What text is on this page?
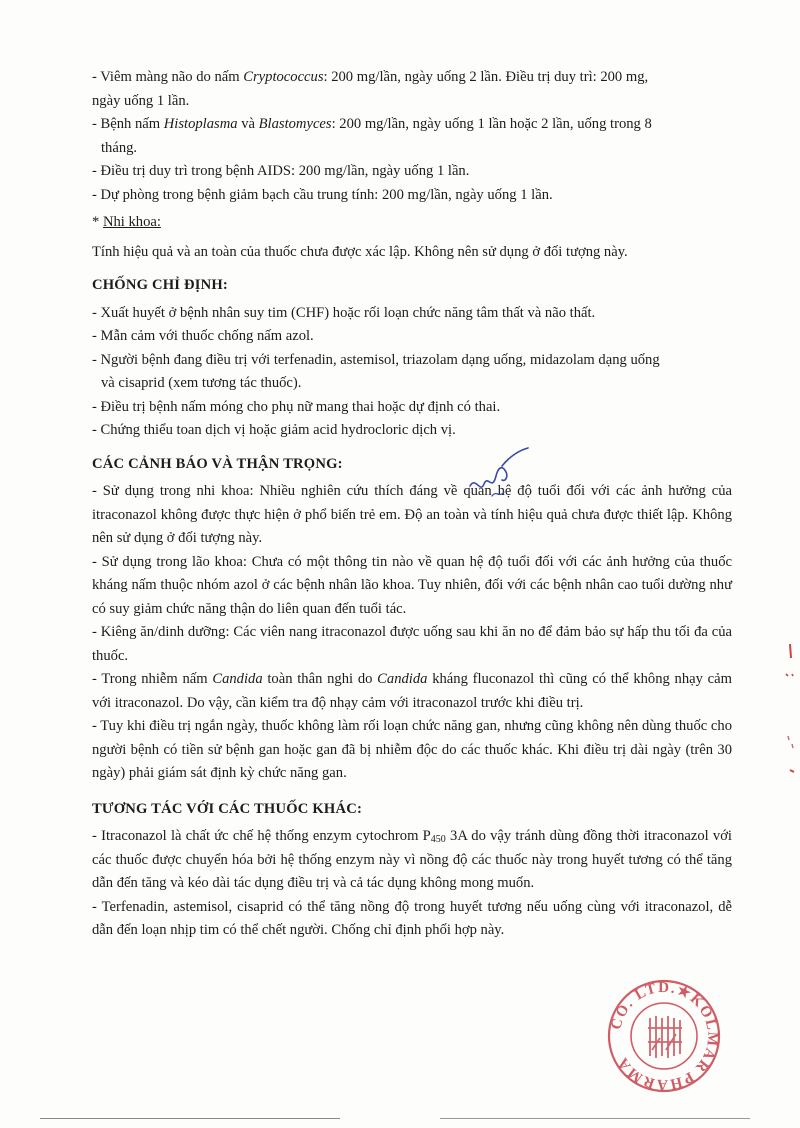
- Viêm màng não do nấm Cryptococcus: 200 mg/lần, ngày uống 2 lần. Điều trị duy trì: 200 mg,

ngày uống 1 lần.

- Bệnh nấm Histoplasma và Blastomyces: 200 mg/lần, ngày uống 1 lần hoặc 2 lần, uống trong 8

tháng.

- Điều trị duy trì trong bệnh AIDS: 200 mg/lần, ngày uống 1 lần.

- Dự phòng trong bệnh giảm bạch cầu trung tính: 200 mg/lần, ngày uống 1 lần.

* Nhi khoa:

Tính hiệu quả và an toàn của thuốc chưa được xác lập. Không nên sử dụng ở đối tượng này.

CHỐNG CHỈ ĐỊNH:

- Xuất huyết ở bệnh nhân suy tim (CHF) hoặc rối loạn chức năng tâm thất và não thất.

- Mẫn cảm với thuốc chống nấm azol.

- Người bệnh đang điều trị với terfenadin, astemisol, triazolam dạng uống, midazolam dạng uống

và cisaprid (xem tương tác thuốc).

- Điều trị bệnh nấm móng cho phụ nữ mang thai hoặc dự định có thai.

- Chứng thiểu toan dịch vị hoặc giảm acid hydrocloric dịch vị.

CÁC CẢNH BÁO VÀ THẬN TRỌNG:

- Sử dụng trong nhi khoa: Nhiều nghiên cứu thích đáng về quan hệ độ tuổi đối với các ảnh hưởng của itraconazol không được thực hiện ở phổ biến trẻ em. Độ an toàn và tính hiệu quả chưa được thiết lập. Không nên sử dụng ở đối tượng này.

- Sử dụng trong lão khoa: Chưa có một thông tin nào về quan hệ độ tuổi đối với các ảnh hưởng của thuốc kháng nấm thuộc nhóm azol ở các bệnh nhân lão khoa. Tuy nhiên, đối với các bệnh nhân cao tuổi dường như có suy giảm chức năng thận do liên quan đến tuổi tác.

- Kiêng ăn/dinh dưỡng: Các viên nang itraconazol được uống sau khi ăn no để đảm bảo sự hấp thu tối đa của thuốc.

- Trong nhiễm nấm Candida toàn thân nghi do Candida kháng fluconazol thì cũng có thể không nhạy cảm với itraconazol. Do vậy, cần kiểm tra độ nhạy cảm với itraconazol trước khi điều trị.

- Tuy khi điều trị ngắn ngày, thuốc không làm rối loạn chức năng gan, nhưng cũng không nên dùng thuốc cho người bệnh có tiền sử bệnh gan hoặc gan đã bị nhiễm độc do các thuốc khác. Khi điều trị dài ngày (trên 30 ngày) phải giám sát định kỳ chức năng gan.

TƯƠNG TÁC VỚI CÁC THUỐC KHÁC:

- Itraconazol là chất ức chế hệ thống enzym cytochrom $P_{450}$ 3A do vậy tránh dùng đồng thời itraconazol với các thuốc được chuyển hóa bởi hệ thống enzym này vì nồng độ các thuốc này trong huyết tương có thể tăng dẫn đến tăng và kéo dài tác dụng điều trị và cả tác dụng không mong muốn.

- Terfenadin, astemisol, cisaprid có thể tăng nồng độ trong huyết tương nếu uống cùng với itraconazol, dễ dẫn đến loạn nhịp tim có thể chết người. Chống chỉ định phối hợp này.

CO. LTD.★KOLMAR PHARMA
